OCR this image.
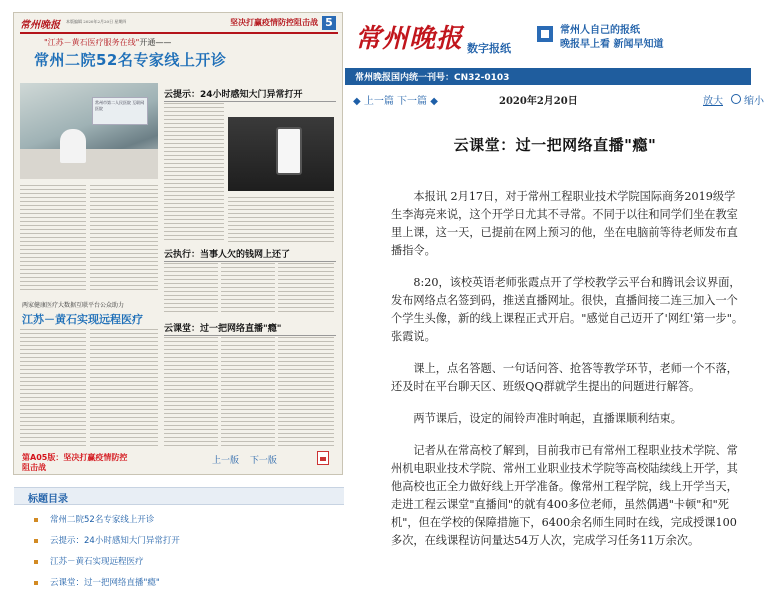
常州晚报 本版编辑 2020年2月20日 星期四	坚决打赢疫情防控阻击战 5
"江苏－黄石医疗服务在线"开通——
常州二院52名专家线上开诊
常州市第二人民医院 互联网医院
云提示：24小时感知大门异常打开
云执行：当事人欠的钱网上还了
两家健康医疗大数据互联平台公众助力
江苏－黄石实现远程医疗
云课堂：过一把网络直播"瘾"
第A05版：坚决打赢疫情防控阻击战
上一版 下一版
标题目录
常州二院52名专家线上开诊
云提示：24小时感知大门异常打开
江苏－黄石实现远程医疗
云课堂：过一把网络直播"瘾"
常州晚报 数字报纸
常州人自己的报纸
晚报早上看 新闻早知道
常州晚报国内统一刊号：CN32-0103
◆ 上一篇 下一篇 ◆	2020年2月20日	放大 缩小
云课堂：过一把网络直播"瘾"

本报讯 2月17日，对于常州工程职业技术学院国际商务2019级学生李海亮来说，这个开学日尤其不寻常。不同于以往和同学们坐在教室里上课，这一天，已提前在网上预习的他，坐在电脑前等待老师发布直播指令。

8:20，该校英语老师张霞点开了学校教学云平台和腾讯会议界面，发布网络点名签到码，推送直播网址。很快，直播间接二连三加入一个个学生头像，新的线上课程正式开启。"感觉自己迈开了'网红'第一步"。张霞说。

课上，点名答题、一句话问答、抢答等教学环节，老师一个不落，还及时在平台聊天区、班级QQ群就学生提出的问题进行解答。

两节课后，设定的闹铃声准时响起，直播课顺利结束。

记者从在常高校了解到，目前我市已有常州工程职业技术学院、常州机电职业技术学院、常州工业职业技术学院等高校陆续线上开学，其他高校也正全力做好线上开学准备。像常州工程学院，线上开学当天，走进工程云课堂"直播间"的就有400多位老师，虽然偶遇"卡顿"和"死机"，但在学校的保障措施下，6400余名师生同时在线，完成授课100多次，在线课程访问量达54万人次，完成学习任务11万余次。
